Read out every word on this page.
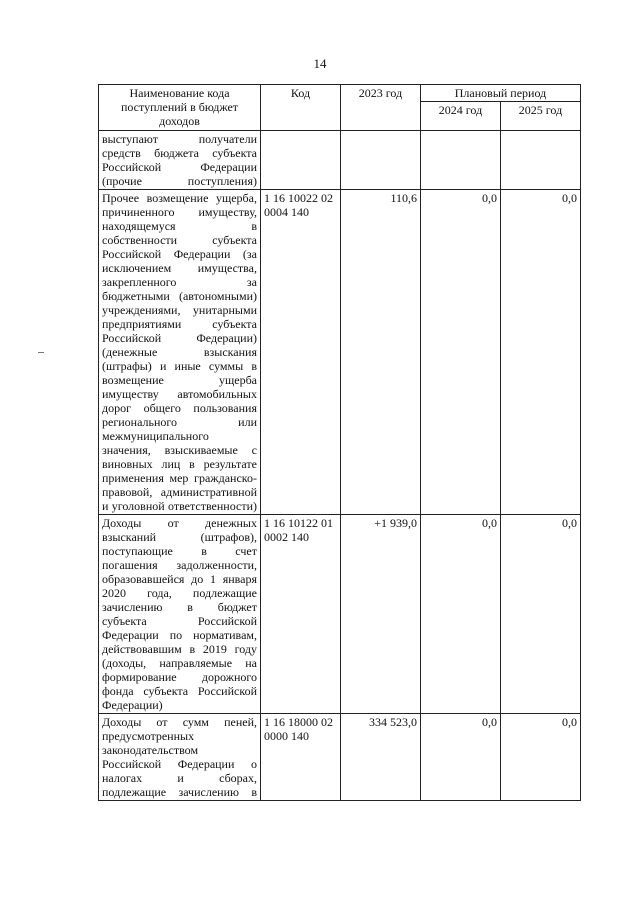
14
Наименование кода поступлений в бюджет доходов	Код	2023 год	Плановый период	
			2024 год	2025 год
выступают получатели средств бюджета субъекта Российской Федерации (прочие поступления)				
Прочее возмещение ущерба, причиненного имуществу, находящемуся в собственности субъекта Российской Федерации (за исключением имущества, закрепленного за бюджетными (автономными) учреждениями, унитарными предприятиями субъекта Российской Федерации) (денежные взыскания (штрафы) и иные суммы в возмещение ущерба имуществу автомобильных дорог общего пользования регионального или межмуниципального значения, взыскиваемые с виновных лиц в результате применения мер гражданско-правовой, административной и уголовной ответственности)	1 16 10022 02 0004 140	110,6	0,0	0,0
Доходы от денежных взысканий (штрафов), поступающие в счет погашения задолженности, образовавшейся до 1 января 2020 года, подлежащие зачислению в бюджет субъекта Российской Федерации по нормативам, действовавшим в 2019 году (доходы, направляемые на формирование дорожного фонда субъекта Российской Федерации)	1 16 10122 01 0002 140	+1 939,0	0,0	0,0
Доходы от сумм пеней, предусмотренных законодательством Российской Федерации о налогах и сборах, подлежащие зачислению в	1 16 18000 02 0000 140	334 523,0	0,0	0,0
